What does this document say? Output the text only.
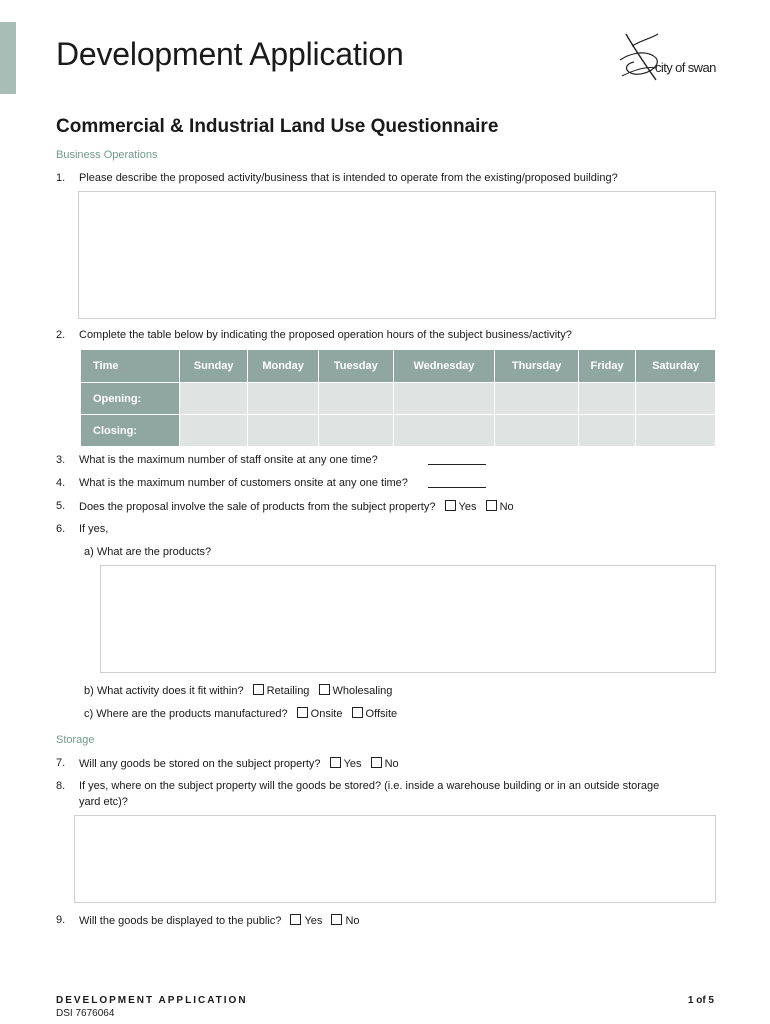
Development Application	city of swan
Commercial & Industrial Land Use Questionnaire
Business Operations
1. Please describe the proposed activity/business that is intended to operate from the existing/proposed building?
2. Complete the table below by indicating the proposed operation hours of the subject business/activity?
Time	Sunday	Monday	Tuesday	Wednesday	Thursday	Friday	Saturday
Opening:							
Closing:							
3. What is the maximum number of staff onsite at any one time?
4. What is the maximum number of customers onsite at any one time?
5. Does the proposal involve the sale of products from the subject property? Yes No
6. If yes,
a) What are the products?
b) What activity does it fit within? Retailing Wholesaling
c) Where are the products manufactured? Onsite Offsite
Storage
7. Will any goods be stored on the subject property? Yes No
8. If yes, where on the subject property will the goods be stored? (i.e. inside a warehouse building or in an outside storage
yard etc)?
9. Will the goods be displayed to the public? Yes No
DEVELOPMENT APPLICATION
DSI 7676064
1 of 5
